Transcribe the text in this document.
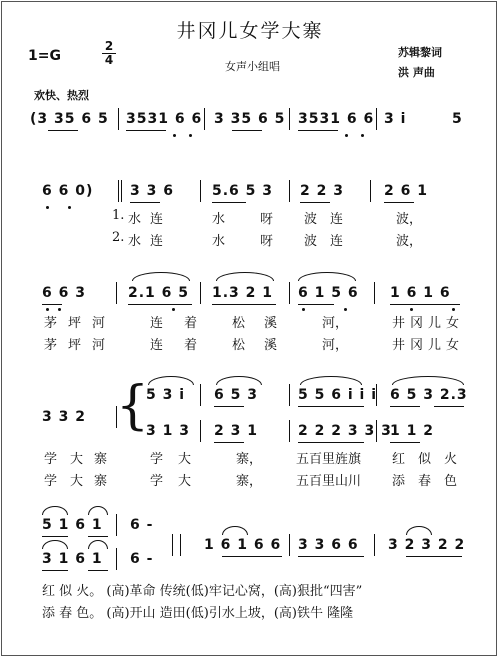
井冈儿女学大寨
1=G
2
4	女声小组唱
苏辑黎词
洪 声曲
欢快、热烈
(3 35 6 5 3531 6 6 3 35 6 5 3531 6 6 3 i	5
6 6 0)	3 3 6	5.6 5 3 2 2 3	2 6 1
1. 水 连	水	呀 波 连	波，
2. 水 连	水	呀 波 连	波，
6 6 3	2.1 6 5 1.3 2 1 6 1 5 6 1 6 1 6
茅 坪 河	连 着	松 溪	河，	井 冈 儿 女
茅 坪 河	连 着	松 溪	河，	井 冈 儿 女
{
5 3 i 6 5 3	5 5 6 i i i 6 5 3 2.3
3 3 2
3 1 3 2 3 1	2 2 2 3 3 3
1 1 2
学 大 寨	学 大	寨，	五百里旌旗 红 似 火
学 大 寨	学 大	寨，	五百里山川 添 春 色
5 1 6 1 6 -
1 6 1 6 6 3 3 6 6 3 2 3 2 2
3 1 6 1 6 -
红 似 火。 (高)革命 传统(低)牢记心窝，(高)狠批“四害”
添 春 色。 (高)开山 造田(低)引水上坡，(高)铁牛 隆隆
